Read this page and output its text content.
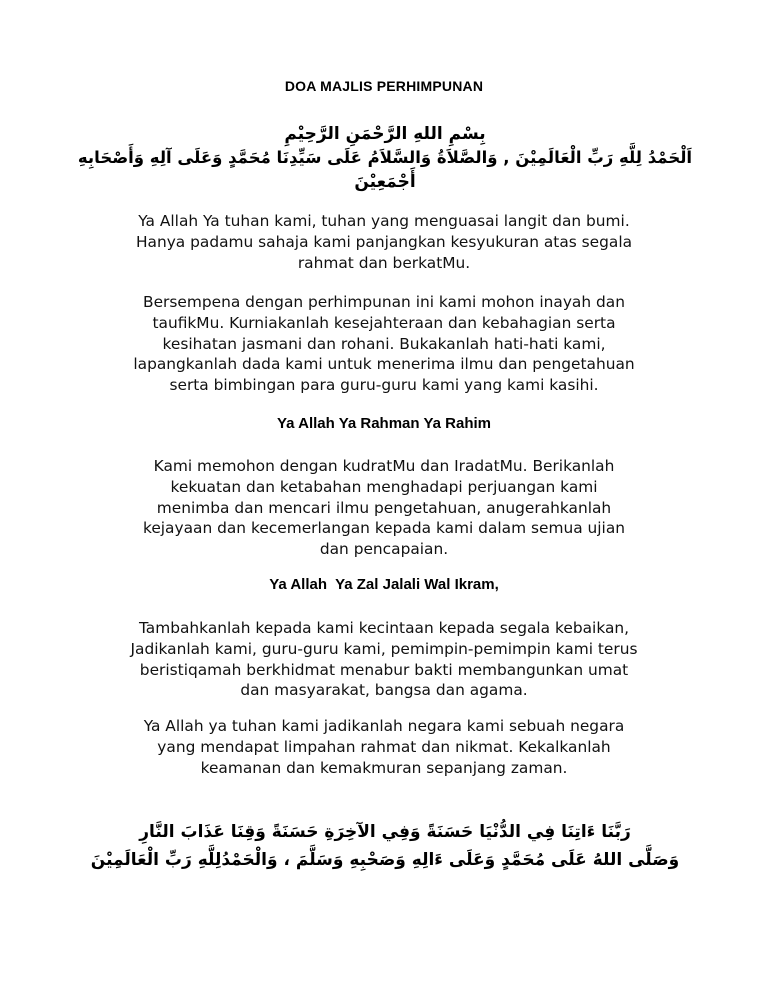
DOA MAJLIS PERHIMPUNAN
بِسْمِ اللهِ الرَّحْمَنِ الرَّحِيْمِ
اَلْحَمْدُ لِلَّهِ رَبِّ الْعَالَمِيْنَ , وَالصَّلاَةُ وَالسَّلاَمُ عَلَى سَيِّدِنَا مُحَمَّدٍ وَعَلَى آلِهِ وَأَصْحَابِهِ
أَجْمَعِيْنَ
Ya Allah Ya tuhan kami, tuhan yang menguasai langit dan bumi.
Hanya padamu sahaja kami panjangkan kesyukuran atas segala
rahmat dan berkatMu.
Bersempena dengan perhimpunan ini kami mohon inayah dan
taufikMu. Kurniakanlah kesejahteraan dan kebahagian serta
kesihatan jasmani dan rohani. Bukakanlah hati-hati kami,
lapangkanlah dada kami untuk menerima ilmu dan pengetahuan
serta bimbingan para guru-guru kami yang kami kasihi.
Ya Allah Ya Rahman Ya Rahim
Kami memohon dengan kudratMu dan IradatMu. Berikanlah
kekuatan dan ketabahan menghadapi perjuangan kami
menimba dan mencari ilmu pengetahuan, anugerahkanlah
kejayaan dan kecemerlangan kepada kami dalam semua ujian
dan pencapaian.
Ya Allah  Ya Zal Jalali Wal Ikram,
Tambahkanlah kepada kami kecintaan kepada segala kebaikan,
Jadikanlah kami, guru-guru kami, pemimpin-pemimpin kami terus
beristiqamah berkhidmat menabur bakti membangunkan umat
dan masyarakat, bangsa dan agama.
Ya Allah ya tuhan kami jadikanlah negara kami sebuah negara
yang mendapat limpahan rahmat dan nikmat. Kekalkanlah
keamanan dan kemakmuran sepanjang zaman.
رَبَّنَا ءَاتِنَا فِي الدُّنْيَا حَسَنَةً وَفِي الآخِرَةِ حَسَنَةً وَقِنَا عَذَابَ النَّارِ
وَصَلَّى اللهُ عَلَى مُحَمَّدٍ وَعَلَى ءَالِهِ وَصَحْبِهِ وَسَلَّمَ ، وَالْحَمْدُلِلَّهِ رَبِّ الْعَالَمِيْنَ
